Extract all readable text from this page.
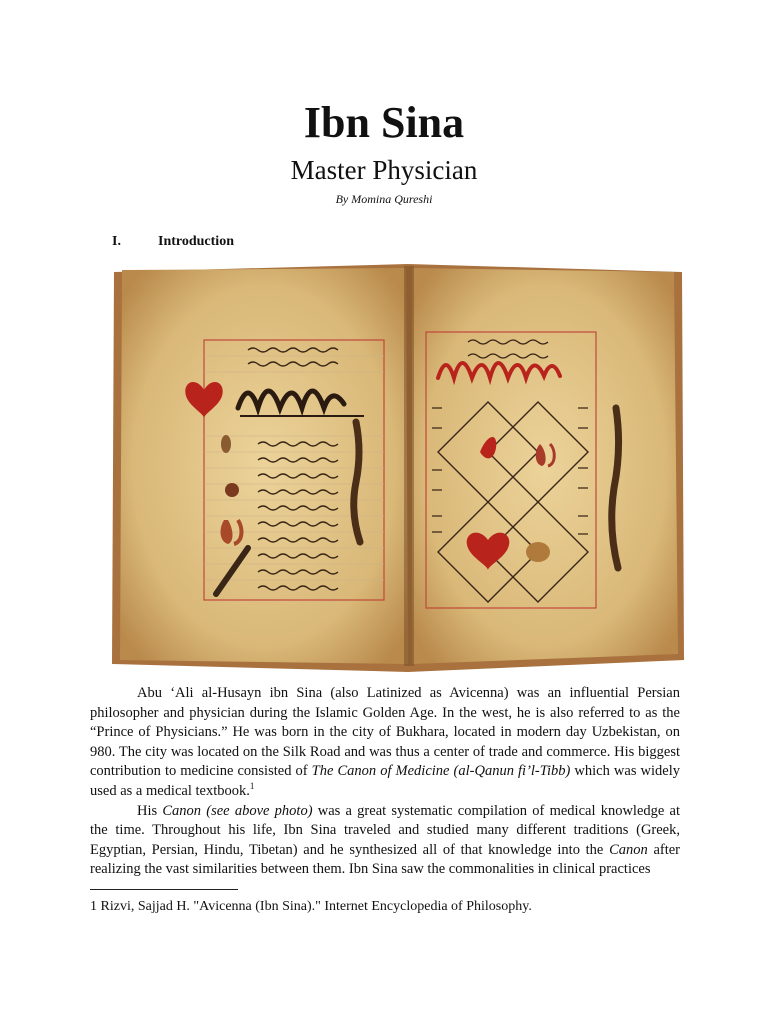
Ibn Sina
Master Physician
By Momina Qureshi
I.	Introduction

Abu ‘Ali al-Husayn ibn Sina (also Latinized as Avicenna) was an influential Persian philosopher and physician during the Islamic Golden Age. In the west, he is also referred to as the “Prince of Physicians.” He was born in the city of Bukhara, located in modern day Uzbekistan, on 980. The city was located on the Silk Road and was thus a center of trade and commerce. His biggest contribution to medicine consisted of The Canon of Medicine (al-Qanun fi’l-Tibb) which was widely used as a medical textbook.$^1$

His Canon (see above photo) was a great systematic compilation of medical knowledge at the time. Throughout his life, Ibn Sina traveled and studied many different traditions (Greek, Egyptian, Persian, Hindu, Tibetan) and he synthesized all of that knowledge into the Canon after realizing the vast similarities between them. Ibn Sina saw the commonalities in clinical practices

1 Rizvi, Sajjad H. "Avicenna (Ibn Sina)." Internet Encyclopedia of Philosophy.
